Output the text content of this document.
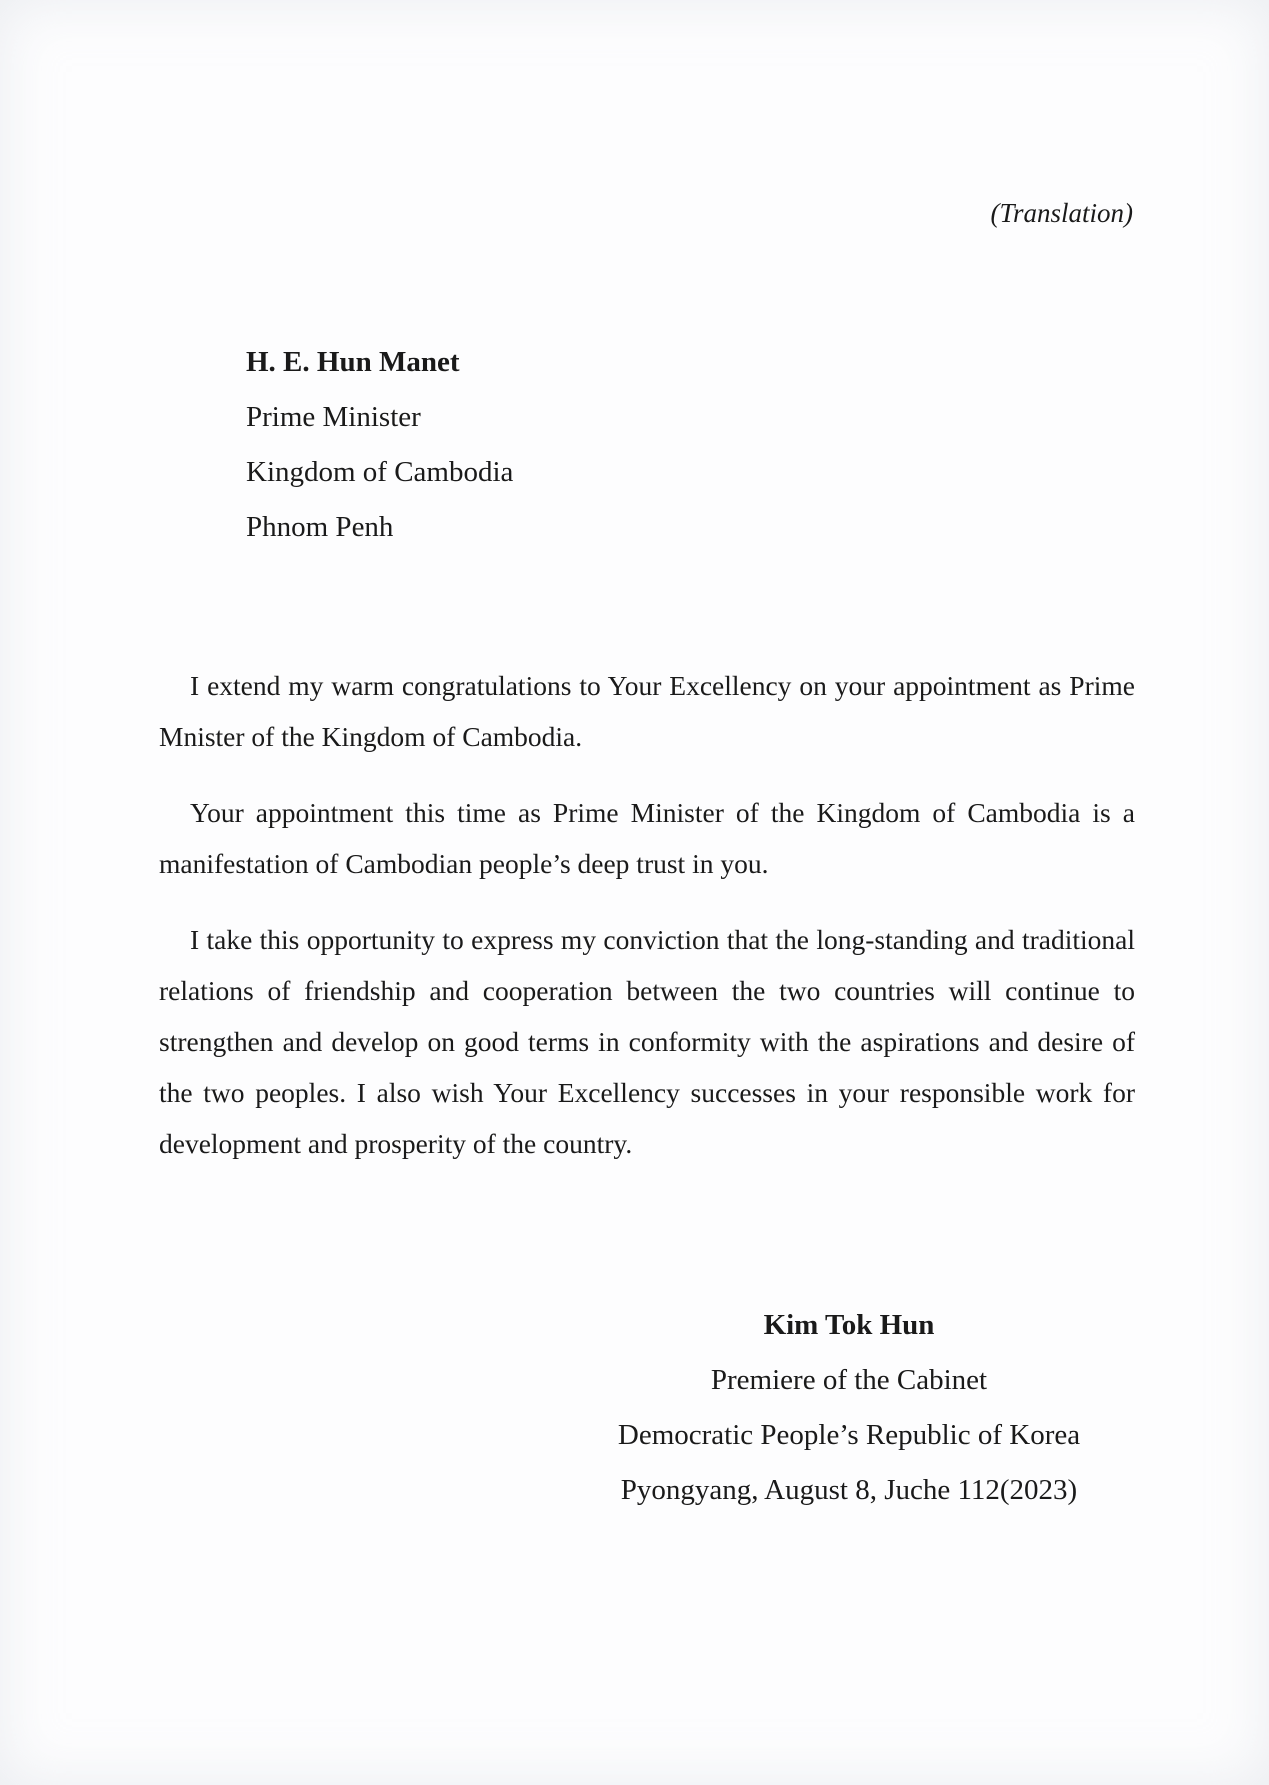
(Translation)
H. E. Hun Manet
Prime Minister
Kingdom of Cambodia
Phnom Penh

I extend my warm congratulations to Your Excellency on your appointment as Prime Mnister of the Kingdom of Cambodia.

Your appointment this time as Prime Minister of the Kingdom of Cambodia is a manifestation of Cambodian people’s deep trust in you.

I take this opportunity to express my conviction that the long-standing and traditional relations of friendship and cooperation between the two countries will continue to strengthen and develop on good terms in conformity with the aspirations and desire of the two peoples. I also wish Your Excellency successes in your responsible work for development and prosperity of the country.

Kim Tok Hun
Premiere of the Cabinet
Democratic People’s Republic of Korea
Pyongyang, August 8, Juche 112(2023)
